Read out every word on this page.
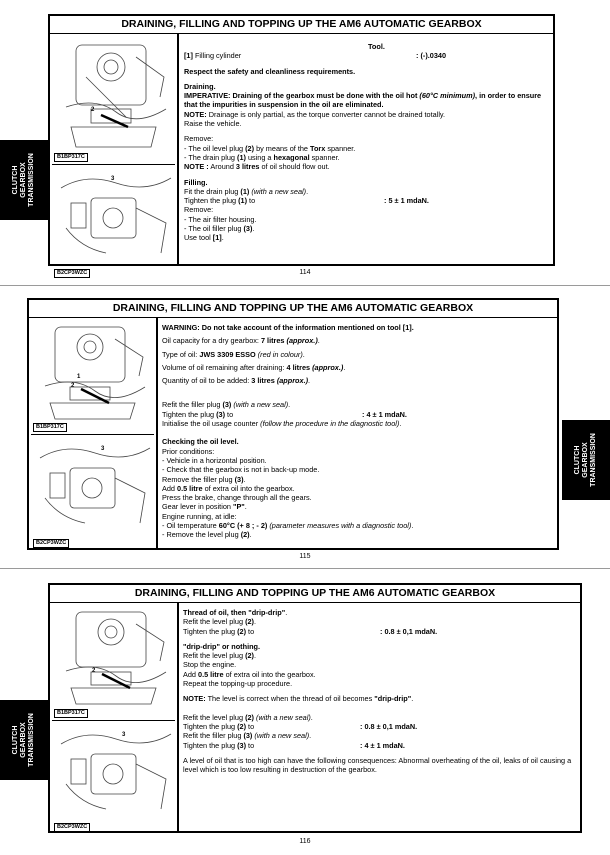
DRAINING, FILLING AND TOPPING UP THE AM6 AUTOMATIC GEARBOX
2
B1BP317C
3
B2CP3WZC

Tool.
[1] Filling cylinder	: (-).0340

Respect the safety and cleanliness requirements.

Draining.

IMPERATIVE: Draining of the gearbox must be done with the oil hot (60°C minimum), in order to ensure that the impurities in suspension in the oil are eliminated.

NOTE: Drainage is only partial, as the torque converter cannot be drained totally.

Raise the vehicle.

Remove:

- The oil level plug (2) by means of the Torx spanner.

- The drain plug (1) using a hexagonal spanner.

NOTE : Around 3 litres of oil should flow out.

Filling.

Fit the drain plug (1) (with a new seal).

Tighten the plug (1) to	: 5 ± 1 mdaN.

Remove:

- The air filter housing.

- The oil filler plug (3).

Use tool [1].

CLUTCH GEARBOX TRANSMISSION
114
DRAINING, FILLING AND TOPPING UP THE AM6 AUTOMATIC GEARBOX
2
1
B1BP317C
3
B2CP3WZC

WARNING: Do not take account of the information mentioned on tool [1].

Oil capacity for a dry gearbox: 7 litres (approx.).

Type of oil: JWS 3309 ESSO (red in colour).

Volume of oil remaining after draining: 4 litres (approx.).

Quantity of oil to be added: 3 litres (approx.).

Refit the filler plug (3) (with a new seal).

Tighten the plug (3) to	: 4 ± 1 mdaN.

Initialise the oil usage counter (follow the procedure in the diagnostic tool).

Checking the oil level.

Prior conditions:

- Vehicle in a horizontal position.

- Check that the gearbox is not in back-up mode.

Remove the filler plug (3).

Add 0.5 litre of extra oil into the gearbox.

Press the brake, change through all the gears.

Gear lever in position "P".

Engine running, at idle:

- Oil temperature 60°C (+ 8 ; - 2) (parameter measures with a diagnostic tool).

- Remove the level plug (2).

CLUTCH GEARBOX TRANSMISSION
115
DRAINING, FILLING AND TOPPING UP THE AM6 AUTOMATIC GEARBOX
2
B1BP317C
3
B2CP3WZC

Thread of oil, then "drip-drip".

Refit the level plug (2).

Tighten the plug (2) to	: 0.8 ± 0,1 mdaN.

"drip-drip" or nothing.

Refit the level plug (2).

Stop the engine.

Add 0.5 litre of extra oil into the gearbox.

Repeat the topping-up procedure.

NOTE: The level is correct when the thread of oil becomes "drip-drip".

Refit the level plug (2) (with a new seal).

Tighten the plug (2) to	: 0.8 ± 0,1 mdaN.

Refit the filler plug (3) (with a new seal).

Tighten the plug (3) to	: 4 ± 1 mdaN.

A level of oil that is too high can have the following consequences: Abnormal overheating of the oil, leaks of oil causing a level which is too low resulting in destruction of the gearbox.

CLUTCH GEARBOX TRANSMISSION
116
